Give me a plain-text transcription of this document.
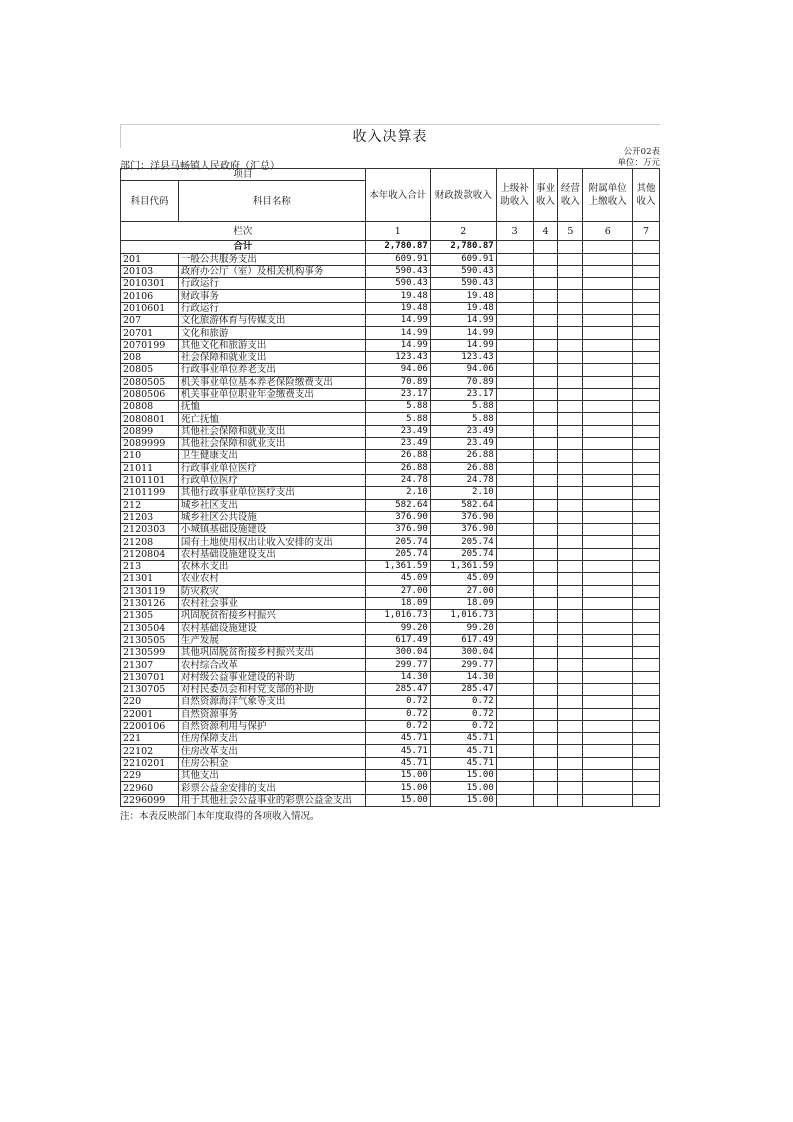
收入决算表
公开02表
单位：万元
部门：洋县马畅镇人民政府（汇总）
项目		本年收入合计	财政拨款收入	上级补助收入	事业收入	经营收入	附属单位上缴收入	其他收入
科目代码	科目名称							

栏次		1	2	3	4	5	6	7
合计		2,780.87	2,780.87					
201	一般公共服务支出	609.91	609.91					
20103	政府办公厅（室）及相关机构事务	590.43	590.43					
2010301	行政运行	590.43	590.43					
20106	财政事务	19.48	19.48					
2010601	行政运行	19.48	19.48					
207	文化旅游体育与传媒支出	14.99	14.99					
20701	文化和旅游	14.99	14.99					
2070199	其他文化和旅游支出	14.99	14.99					
208	社会保障和就业支出	123.43	123.43					
20805	行政事业单位养老支出	94.06	94.06					
2080505	机关事业单位基本养老保险缴费支出	70.89	70.89					
2080506	机关事业单位职业年金缴费支出	23.17	23.17					
20808	抚恤	5.88	5.88					
2080801	死亡抚恤	5.88	5.88					
20899	其他社会保障和就业支出	23.49	23.49					
2089999	其他社会保障和就业支出	23.49	23.49					
210	卫生健康支出	26.88	26.88					
21011	行政事业单位医疗	26.88	26.88					
2101101	行政单位医疗	24.78	24.78					
2101199	其他行政事业单位医疗支出	2.10	2.10					
212	城乡社区支出	582.64	582.64					
21203	城乡社区公共设施	376.90	376.90					
2120303	小城镇基础设施建设	376.90	376.90					
21208	国有土地使用权出让收入安排的支出	205.74	205.74					
2120804	农村基础设施建设支出	205.74	205.74					
213	农林水支出	1,361.59	1,361.59					
21301	农业农村	45.09	45.09					
2130119	防灾救灾	27.00	27.00					
2130126	农村社会事业	18.09	18.09					
21305	巩固脱贫衔接乡村振兴	1,016.73	1,016.73					
2130504	农村基础设施建设	99.20	99.20					
2130505	生产发展	617.49	617.49					
2130599	其他巩固脱贫衔接乡村振兴支出	300.04	300.04					
21307	农村综合改革	299.77	299.77					
2130701	对村级公益事业建设的补助	14.30	14.30					
2130705	对村民委员会和村党支部的补助	285.47	285.47					
220	自然资源海洋气象等支出	0.72	0.72					
22001	自然资源事务	0.72	0.72					
2200106	自然资源利用与保护	0.72	0.72					
221	住房保障支出	45.71	45.71					
22102	住房改革支出	45.71	45.71					
2210201	住房公积金	45.71	45.71					
229	其他支出	15.00	15.00					
22960	彩票公益金安排的支出	15.00	15.00					
2296099	用于其他社会公益事业的彩票公益金支出	15.00	15.00					
注：本表反映部门本年度取得的各项收入情况。
